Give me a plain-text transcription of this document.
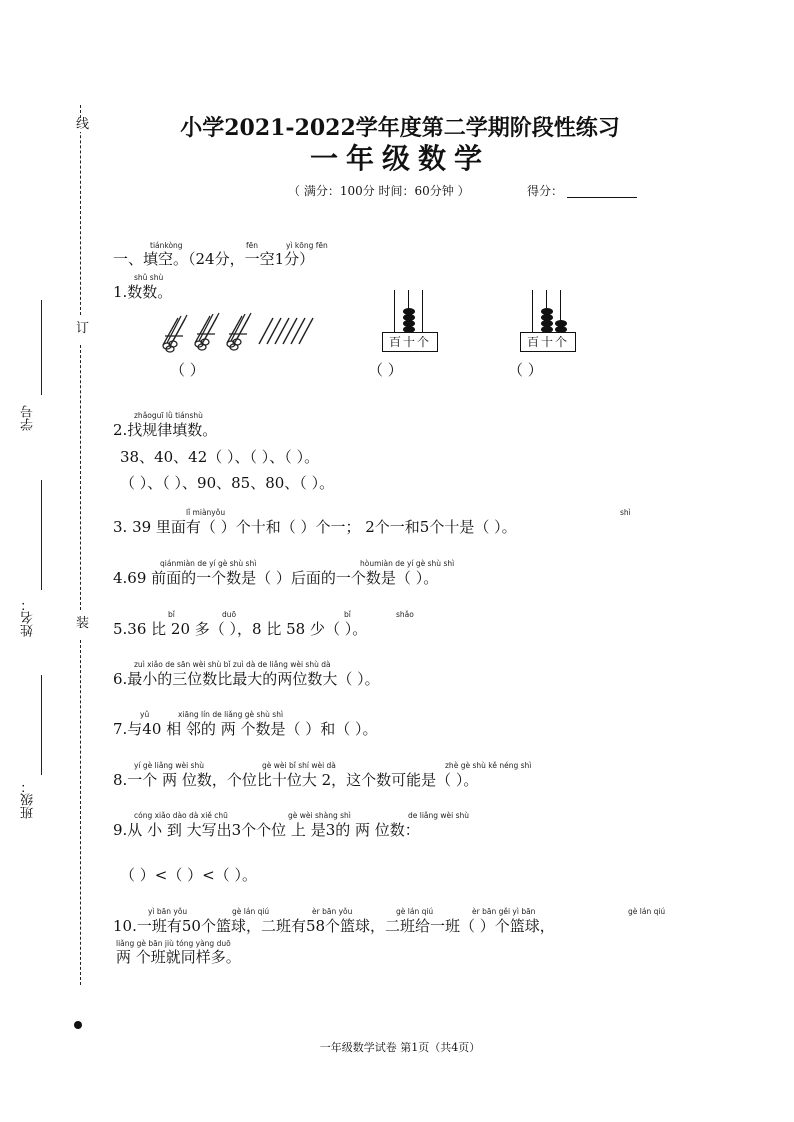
线
订
装
学号
姓名：
班级：
小学2021-2022学年度第二学期阶段性练习
一年级数学
（ 满分：100分 时间：60分钟 ）	得分：
tiánkòng	fēn	yì kōng fēn
一、填空。（24分，一空1分）
shǔ shù
1.数数。
（ ）
百十个
（ ）
百十个
（ ）
zhǎoguī lǜ tiánshù
2.找规律填数。
38、40、42（ ）、（ ）、（ ）。
（ ）、（ ）、90、85、80、（ ）。
lǐ miànyǒu	shì
3. 39 里面有（ ）个十和（ ）个一； 2个一和5个十是（ ）。
qiánmiàn de yí gè shù shì	hòumiàn de yí gè shù shì
4.69 前面的一个数是（ ）后面的一个数是（ ）。
bǐ	duō	bǐ	shǎo
5.36 比 20 多（ ），8 比 58 少（ ）。
zuì xiǎo de sān wèi shù bǐ zuì dà de liǎng wèi shù dà
6.最小的三位数比最大的两位数大（ ）。
yǔ	xiāng lín de liǎng gè shù shì
7.与40 相 邻的 两 个数是（ ）和（ ）。
yí gè liǎng wèi shù	gè wèi bǐ shí wèi dà	zhè gè shù kě néng shì
8.一个 两 位数，个位比十位大 2，这个数可能是（ ）。
cóng xiǎo dào dà xiě chū	gè wèi shàng shì	de liǎng wèi shù
9.从 小 到 大写出3个个位 上 是3的 两 位数：
（ ）<（ ）<（ ）。
yì bān yǒu	gè lán qiú	èr bān yǒu	gè lán qiú	èr bān gěi yì bān	gè lán qiú
10.一班有50个篮球，二班有58个篮球，二班给一班（ ）个篮球，
liǎng gè bān jiù tóng yàng duō
两 个班就同样多。
一年级数学试卷 第1页（共4页）
